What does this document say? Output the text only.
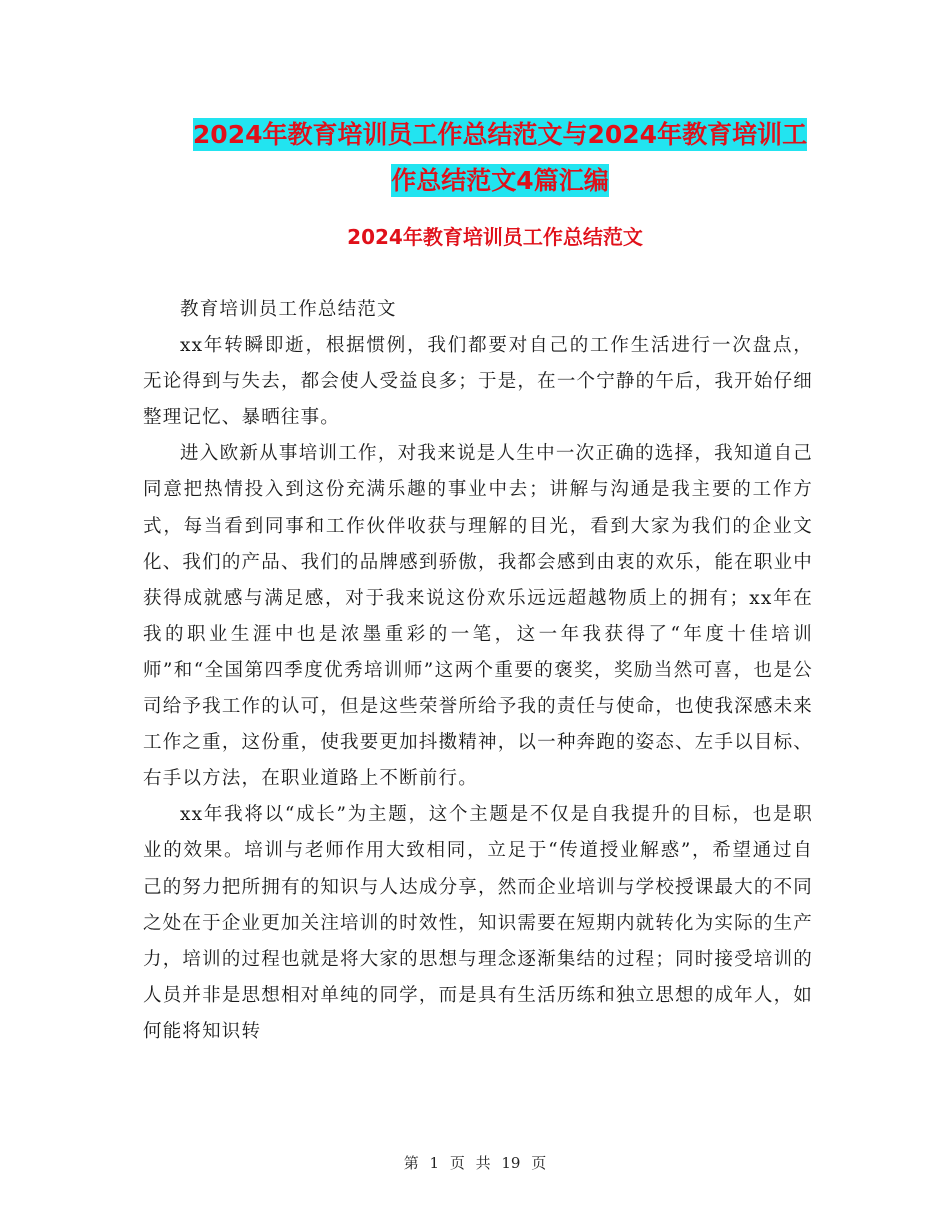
2024年教育培训员工作总结范文与2024年教育培训工
作总结范文4篇汇编
2024年教育培训员工作总结范文

教育培训员工作总结范文

xx年转瞬即逝，根据惯例，我们都要对自己的工作生活进行一次盘点，无论得到与失去，都会使人受益良多；于是，在一个宁静的午后，我开始仔细整理记忆、暴晒往事。

进入欧新从事培训工作，对我来说是人生中一次正确的选择，我知道自己同意把热情投入到这份充满乐趣的事业中去；讲解与沟通是我主要的工作方式，每当看到同事和工作伙伴收获与理解的目光，看到大家为我们的企业文化、我们的产品、我们的品牌感到骄傲，我都会感到由衷的欢乐，能在职业中获得成就感与满足感，对于我来说这份欢乐远远超越物质上的拥有；xx年在我的职业生涯中也是浓墨重彩的一笔，这一年我获得了“年度十佳培训师”和“全国第四季度优秀培训师”这两个重要的褒奖，奖励当然可喜，也是公司给予我工作的认可，但是这些荣誉所给予我的责任与使命，也使我深感未来工作之重，这份重，使我要更加抖擞精神，以一种奔跑的姿态、左手以目标、右手以方法，在职业道路上不断前行。

xx年我将以“成长”为主题，这个主题是不仅是自我提升的目标，也是职业的效果。培训与老师作用大致相同，立足于“传道授业解惑”，希望通过自己的努力把所拥有的知识与人达成分享，然而企业培训与学校授课最大的不同之处在于企业更加关注培训的时效性，知识需要在短期内就转化为实际的生产力，培训的过程也就是将大家的思想与理念逐渐集结的过程；同时接受培训的人员并非是思想相对单纯的同学，而是具有生活历练和独立思想的成年人，如何能将知识转

第 1 页 共 19 页
